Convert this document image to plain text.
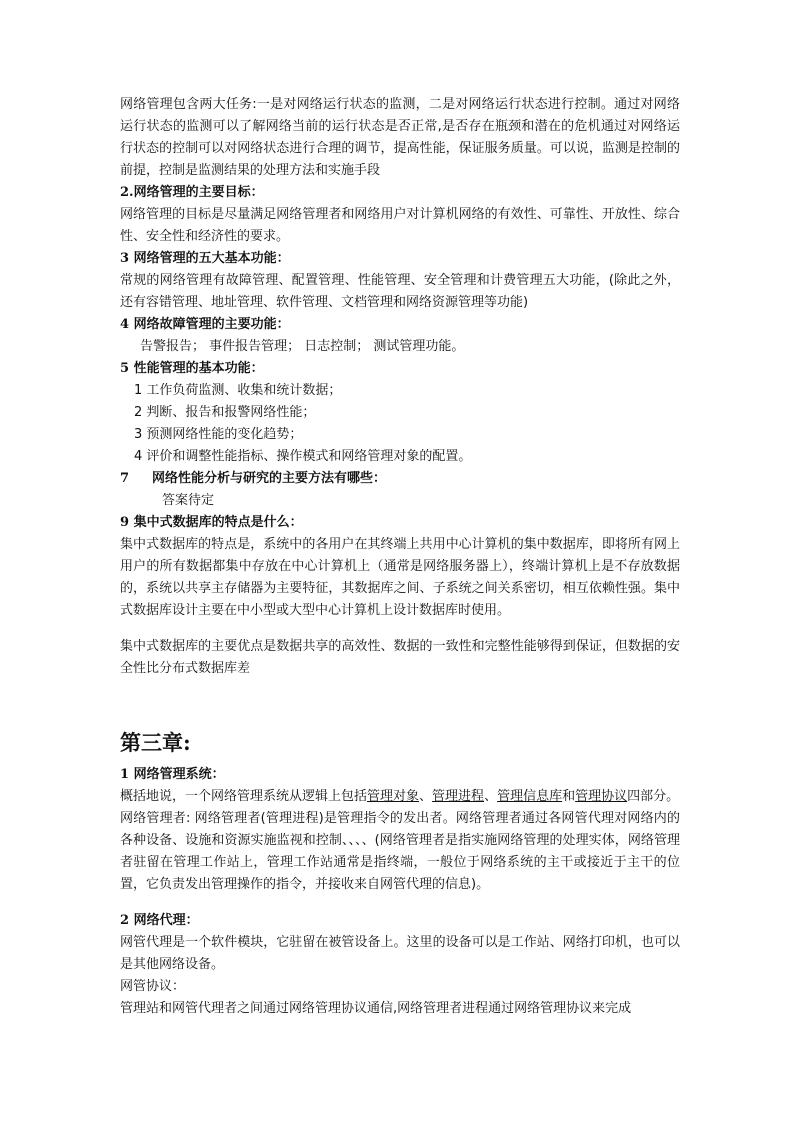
网络管理包含两大任务:一是对网络运行状态的监测，二是对网络运行状态进行控制。通过对网络运行状态的监测可以了解网络当前的运行状态是否正常,是否存在瓶颈和潜在的危机通过对网络运行状态的控制可以对网络状态进行合理的调节，提高性能，保证服务质量。可以说，监测是控制的前提，控制是监测结果的处理方法和实施手段

2.网络管理的主要目标：

网络管理的目标是尽量满足网络管理者和网络用户对计算机网络的有效性、可靠性、开放性、综合性、安全性和经济性的要求。

3 网络管理的五大基本功能：

常规的网络管理有故障管理、配置管理、性能管理、安全管理和计费管理五大功能，(除此之外，还有容错管理、地址管理、软件管理、文档管理和网络资源管理等功能)

4 网络故障管理的主要功能：

告警报告； 事件报告管理； 日志控制； 测试管理功能。

5 性能管理的基本功能：

1 工作负荷监测、收集和统计数据；

2 判断、报告和报警网络性能；

3 预测网络性能的变化趋势；

4 评价和调整性能指标、操作模式和网络管理对象的配置。

7	网络性能分析与研究的主要方法有哪些：

答案待定

9 集中式数据库的特点是什么：

集中式数据库的特点是，系统中的各用户在其终端上共用中心计算机的集中数据库，即将所有网上用户的所有数据都集中存放在中心计算机上（通常是网络服务器上），终端计算机上是不存放数据的，系统以共享主存储器为主要特征，其数据库之间、子系统之间关系密切，相互依赖性强。集中式数据库设计主要在中小型或大型中心计算机上设计数据库时使用。

集中式数据库的主要优点是数据共享的高效性、数据的一致性和完整性能够得到保证，但数据的安全性比分布式数据库差

第三章:

1 网络管理系统：

概括地说，一个网络管理系统从逻辑上包括管理对象、管理进程、管理信息库和管理协议四部分。

网络管理者: 网络管理者(管理进程)是管理指令的发出者。网络管理者通过各网管代理对网络内的各种设备、设施和资源实施监视和控制、、、、(网络管理者是指实施网络管理的处理实体，网络管理者驻留在管理工作站上，管理工作站通常是指终端，一般位于网络系统的主干或接近于主干的位置，它负责发出管理操作的指令，并接收来自网管代理的信息)。

2 网络代理：

网管代理是一个软件模块，它驻留在被管设备上。这里的设备可以是工作站、网络打印机，也可以是其他网络设备。

网管协议：

管理站和网管代理者之间通过网络管理协议通信,网络管理者进程通过网络管理协议来完成
